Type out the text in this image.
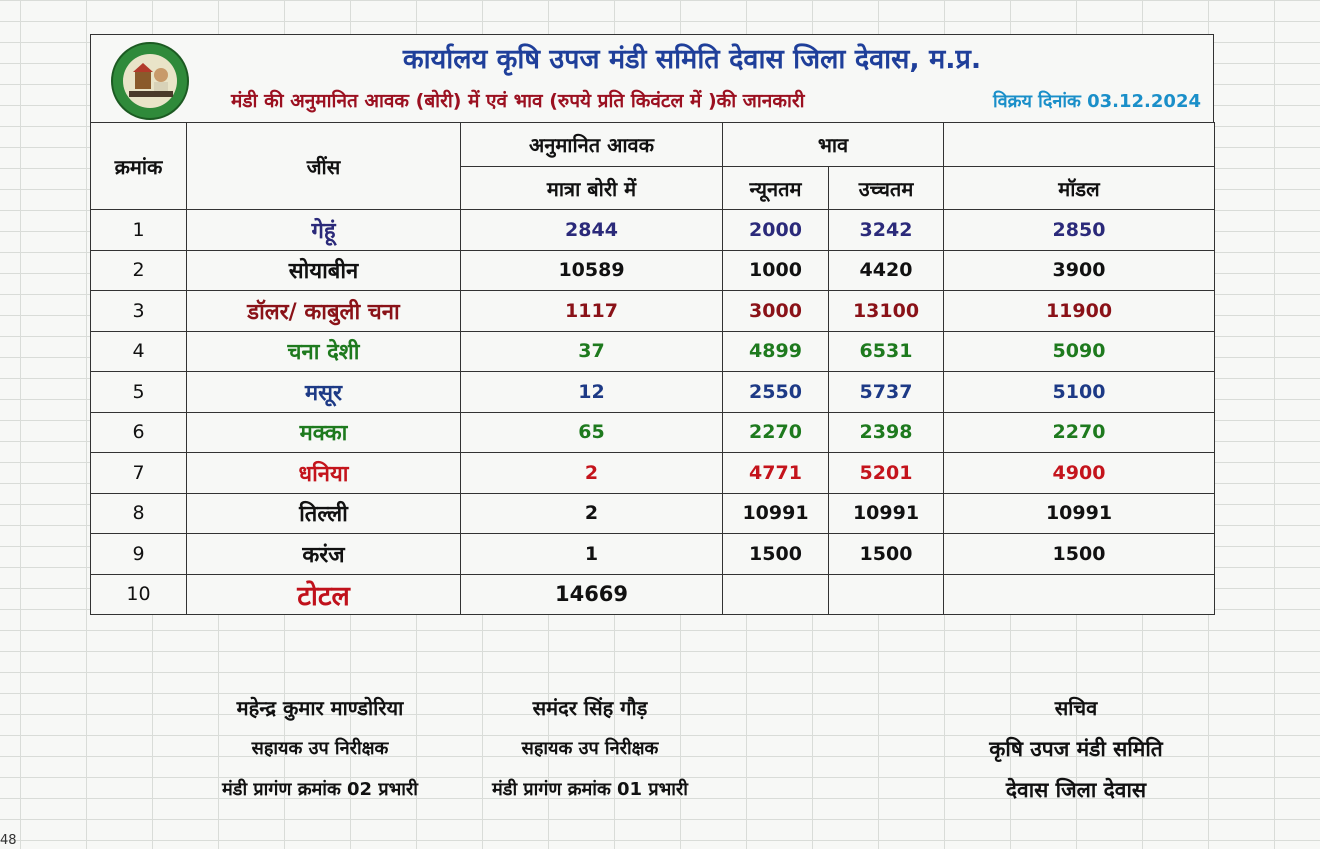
कार्यालय कृषि उपज मंडी समिति देवास जिला देवास, म.प्र.
मंडी की अनुमानित आवक (बोरी) में एवं भाव (रुपये प्रति किवंटल में )की जानकारी	विक्रय दिनांक 03.12.2024
क्रमांक	जींस	अनुमानित आवक	भाव		
		मात्रा बोरी में	न्यूनतम	उच्चतम	मॉडल
1	गेहूं	2844	2000	3242	2850
2	सोयाबीन	10589	1000	4420	3900
3	डॉलर/ काबुली चना	1117	3000	13100	11900
4	चना देशी	37	4899	6531	5090
5	मसूर	12	2550	5737	5100
6	मक्का	65	2270	2398	2270
7	धनिया	2	4771	5201	4900
8	तिल्ली	2	10991	10991	10991
9	करंज	1	1500	1500	1500
10	टोटल	14669			
महेन्द्र कुमार माण्डोरिया
सहायक उप निरीक्षक
मंडी प्रागंण क्रमांक 02 प्रभारी
समंदर सिंह गौड़
सहायक उप निरीक्षक
मंडी प्रागंण क्रमांक 01 प्रभारी
सचिव
कृषि उपज मंडी समिति
देवास जिला देवास
48
